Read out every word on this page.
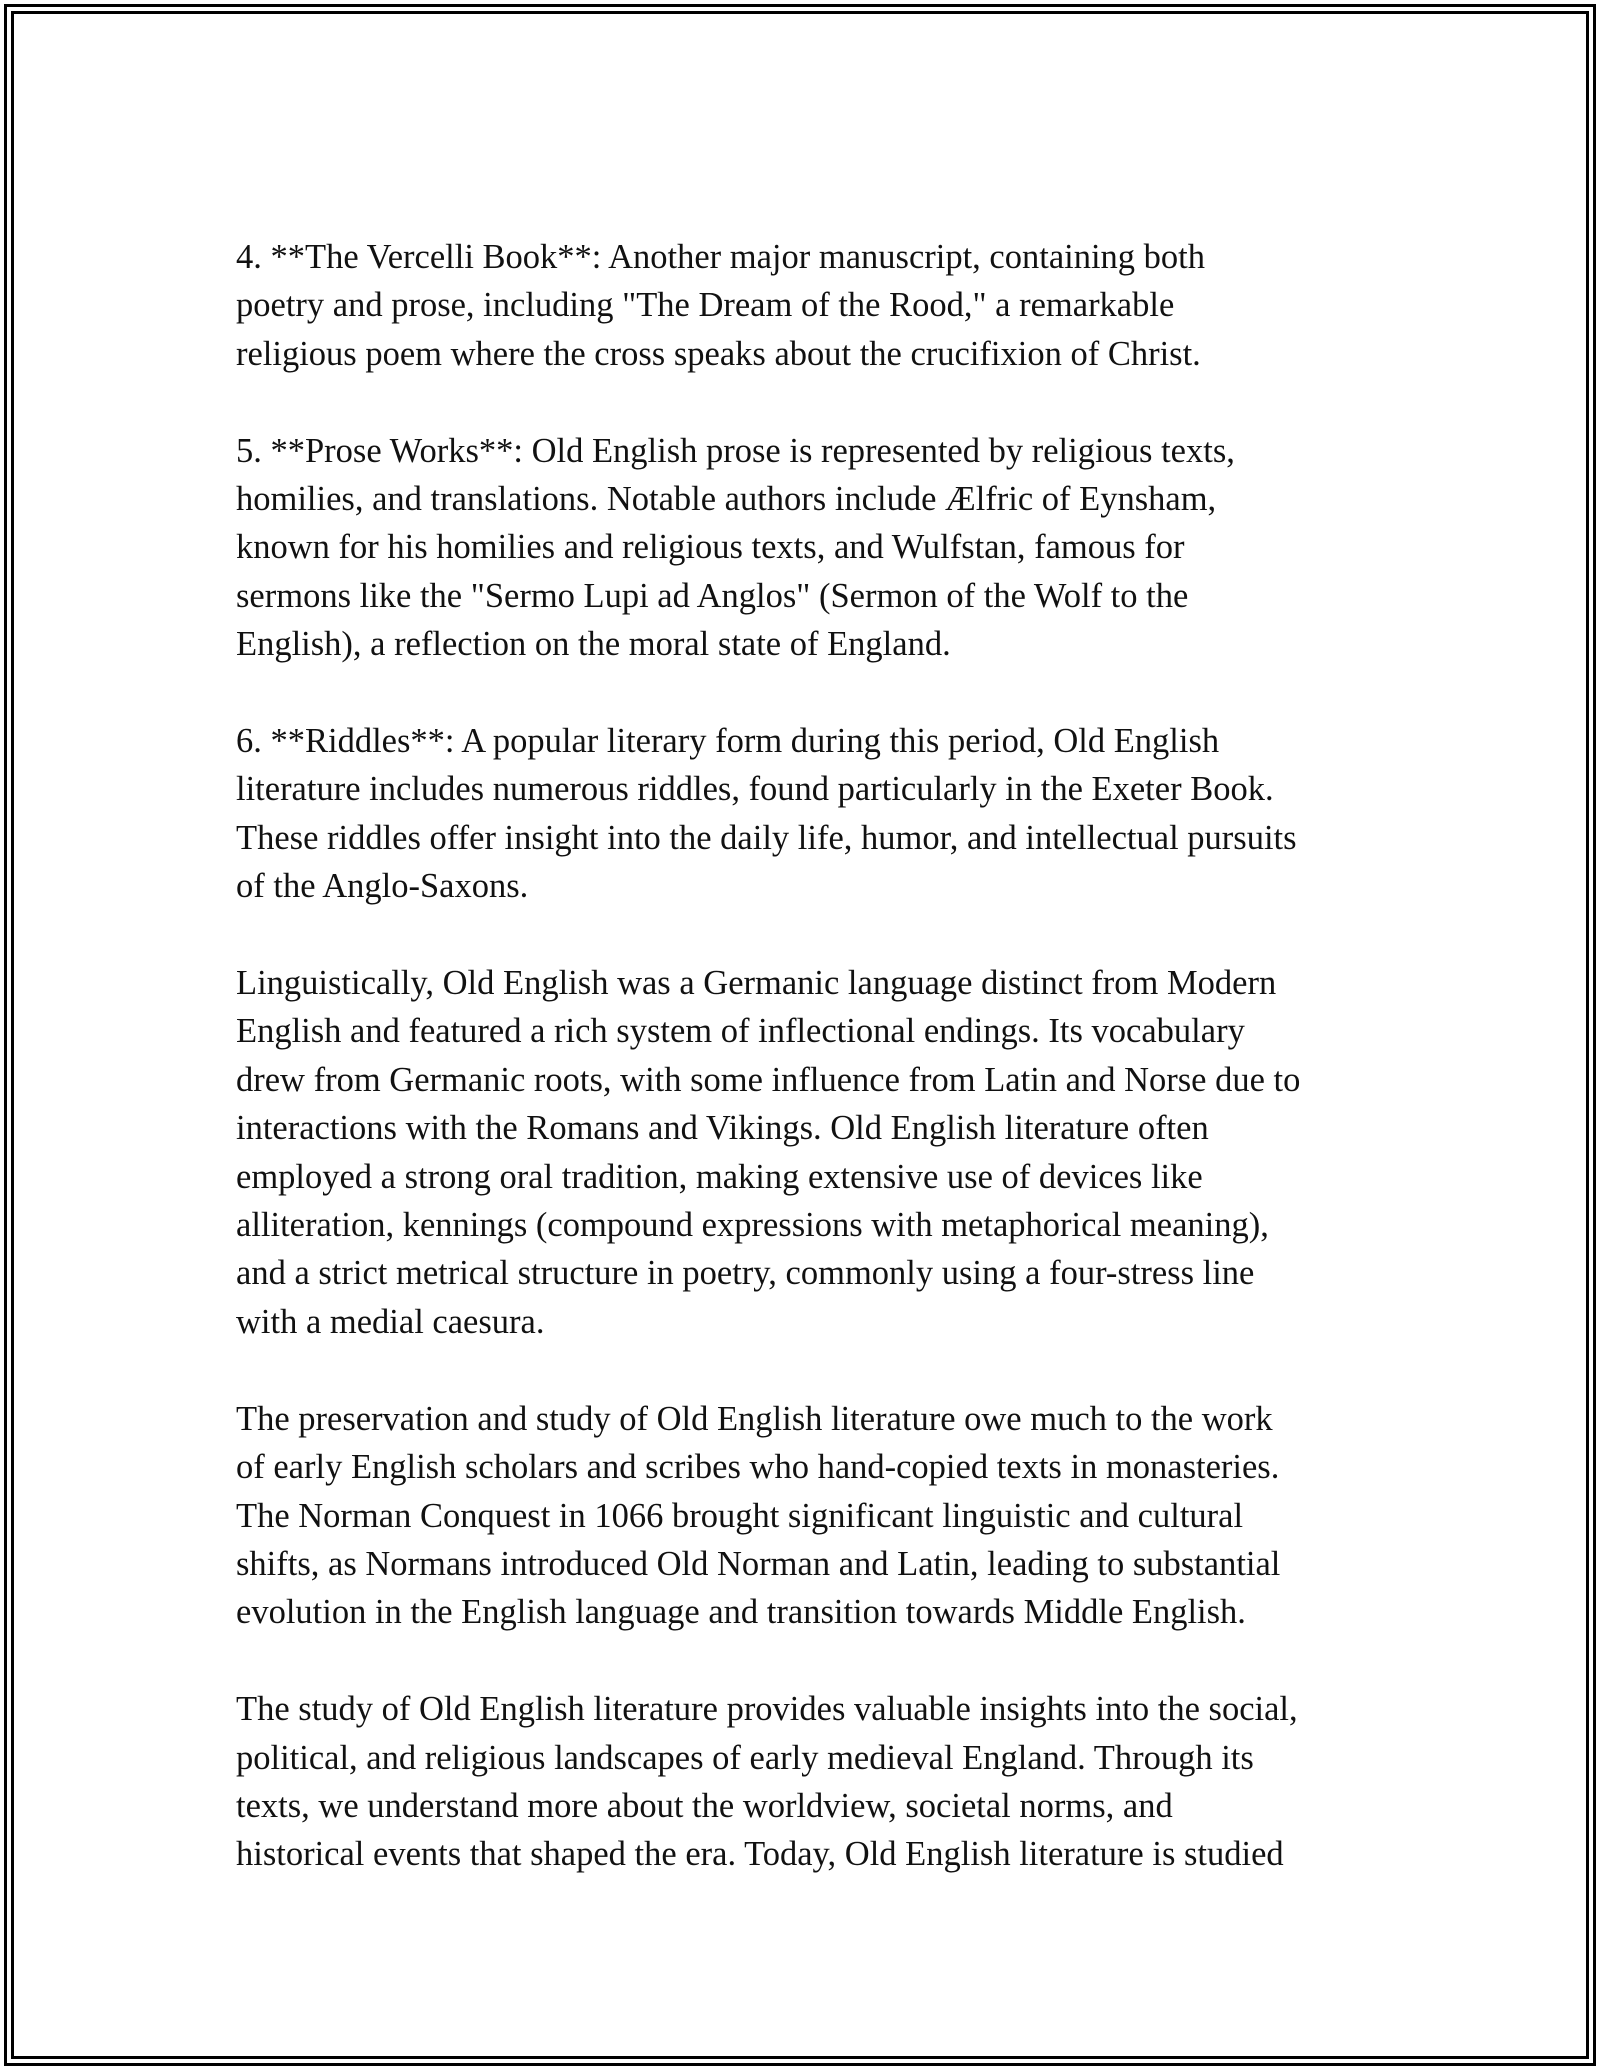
4. **The Vercelli Book**: Another major manuscript, containing both
poetry and prose, including "The Dream of the Rood," a remarkable
religious poem where the cross speaks about the crucifixion of Christ.

5. **Prose Works**: Old English prose is represented by religious texts,
homilies, and translations. Notable authors include Ælfric of Eynsham,
known for his homilies and religious texts, and Wulfstan, famous for
sermons like the "Sermo Lupi ad Anglos" (Sermon of the Wolf to the
English), a reflection on the moral state of England.

6. **Riddles**: A popular literary form during this period, Old English
literature includes numerous riddles, found particularly in the Exeter Book.
These riddles offer insight into the daily life, humor, and intellectual pursuits
of the Anglo-Saxons.

Linguistically, Old English was a Germanic language distinct from Modern
English and featured a rich system of inflectional endings. Its vocabulary
drew from Germanic roots, with some influence from Latin and Norse due to
interactions with the Romans and Vikings. Old English literature often
employed a strong oral tradition, making extensive use of devices like
alliteration, kennings (compound expressions with metaphorical meaning),
and a strict metrical structure in poetry, commonly using a four-stress line
with a medial caesura.

The preservation and study of Old English literature owe much to the work
of early English scholars and scribes who hand-copied texts in monasteries.
The Norman Conquest in 1066 brought significant linguistic and cultural
shifts, as Normans introduced Old Norman and Latin, leading to substantial
evolution in the English language and transition towards Middle English.

The study of Old English literature provides valuable insights into the social,
political, and religious landscapes of early medieval England. Through its
texts, we understand more about the worldview, societal norms, and
historical events that shaped the era. Today, Old English literature is studied
